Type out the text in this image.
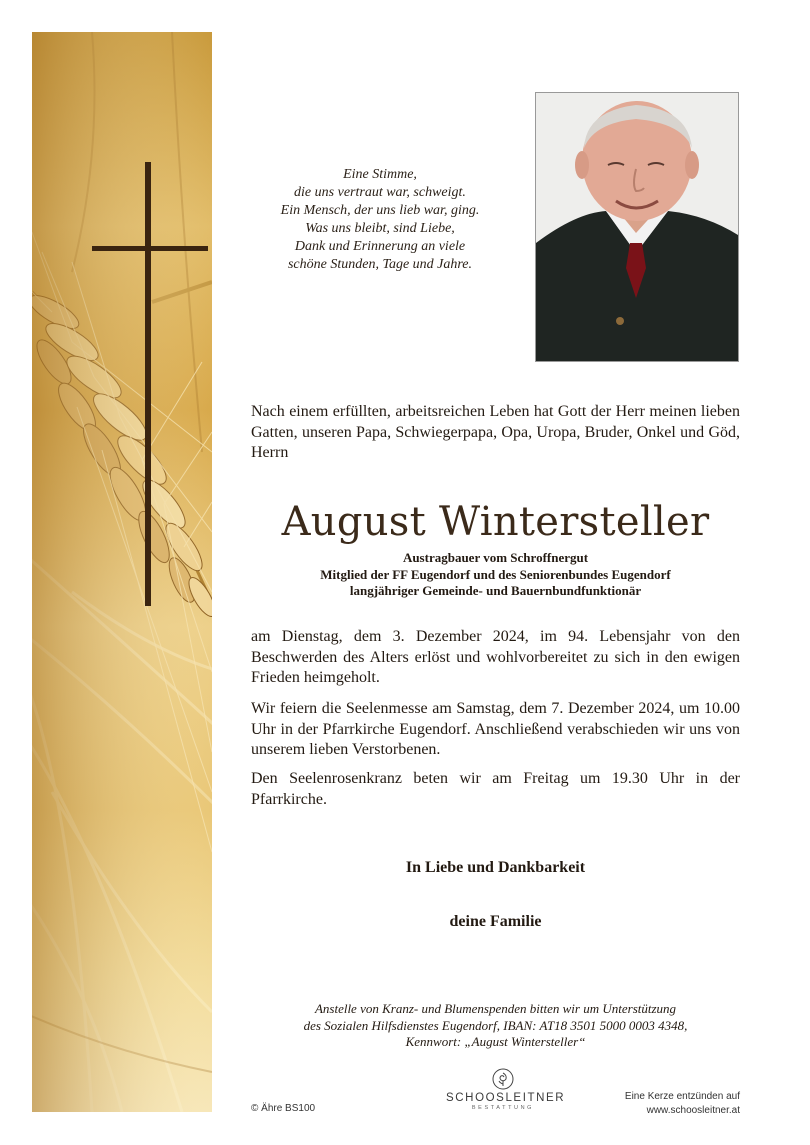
Eine Stimme,
die uns vertraut war, schweigt.
Ein Mensch, der uns lieb war, ging.
Was uns bleibt, sind Liebe,
Dank und Erinnerung an viele
schöne Stunden, Tage und Jahre.
Nach einem erfüllten, arbeitsreichen Leben hat Gott der Herr meinen lieben Gatten, unseren Papa, Schwiegerpapa, Opa, Uropa, Bruder, Onkel und Göd, Herrn
August Wintersteller
Austragbauer vom Schroffnergut
Mitglied der FF Eugendorf und des Seniorenbundes Eugendorf
langjähriger Gemeinde- und Bauernbundfunktionär
am Dienstag, dem 3. Dezember 2024, im 94. Lebensjahr von den Beschwerden des Alters erlöst und wohlvorbereitet zu sich in den ewigen Frieden heimgeholt.
Wir feiern die Seelenmesse am Samstag, dem 7. Dezember 2024, um 10.00 Uhr in der Pfarrkirche Eugendorf. Anschließend verabschieden wir uns von unserem lieben Verstorbenen.
Den Seelenrosenkranz beten wir am Freitag um 19.30 Uhr in der Pfarrkirche.
In Liebe und Dankbarkeit
deine Familie
Anstelle von Kranz- und Blumenspenden bitten wir um Unterstützung
des Sozialen Hilfsdienstes Eugendorf, IBAN: AT18 3501 5000 0003 4348,
Kennwort: „August Wintersteller“
© Ähre BS100
SCHOOSLEITNER
BESTATTUNG
Eine Kerze entzünden auf
www.schoosleitner.at
